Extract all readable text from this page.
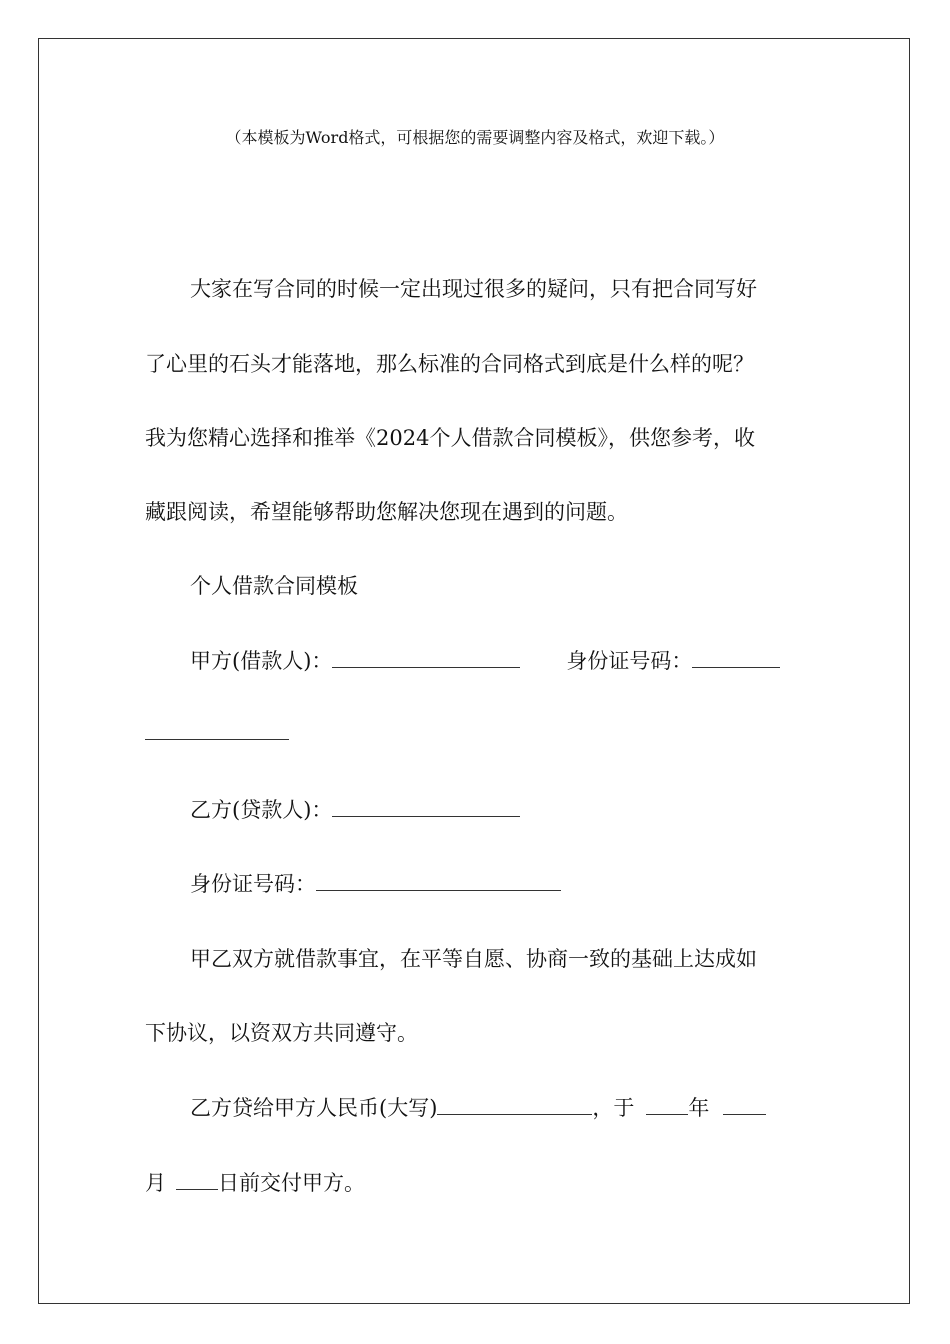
（本模板为Word格式，可根据您的需要调整内容及格式，欢迎下载。）
大家在写合同的时候一定出现过很多的疑问，只有把合同写好
了心里的石头才能落地，那么标准的合同格式到底是什么样的呢？
我为您精心选择和推举《2024个人借款合同模板》，供您参考，收
藏跟阅读，希望能够帮助您解决您现在遇到的问题。
个人借款合同模板
甲方(借款人)：	身份证号码：
乙方(贷款人)：
身份证号码：
甲乙双方就借款事宜，在平等自愿、协商一致的基础上达成如
下协议，以资双方共同遵守。
乙方贷给甲方人民币(大写)	，于	年
月 日前交付甲方。
